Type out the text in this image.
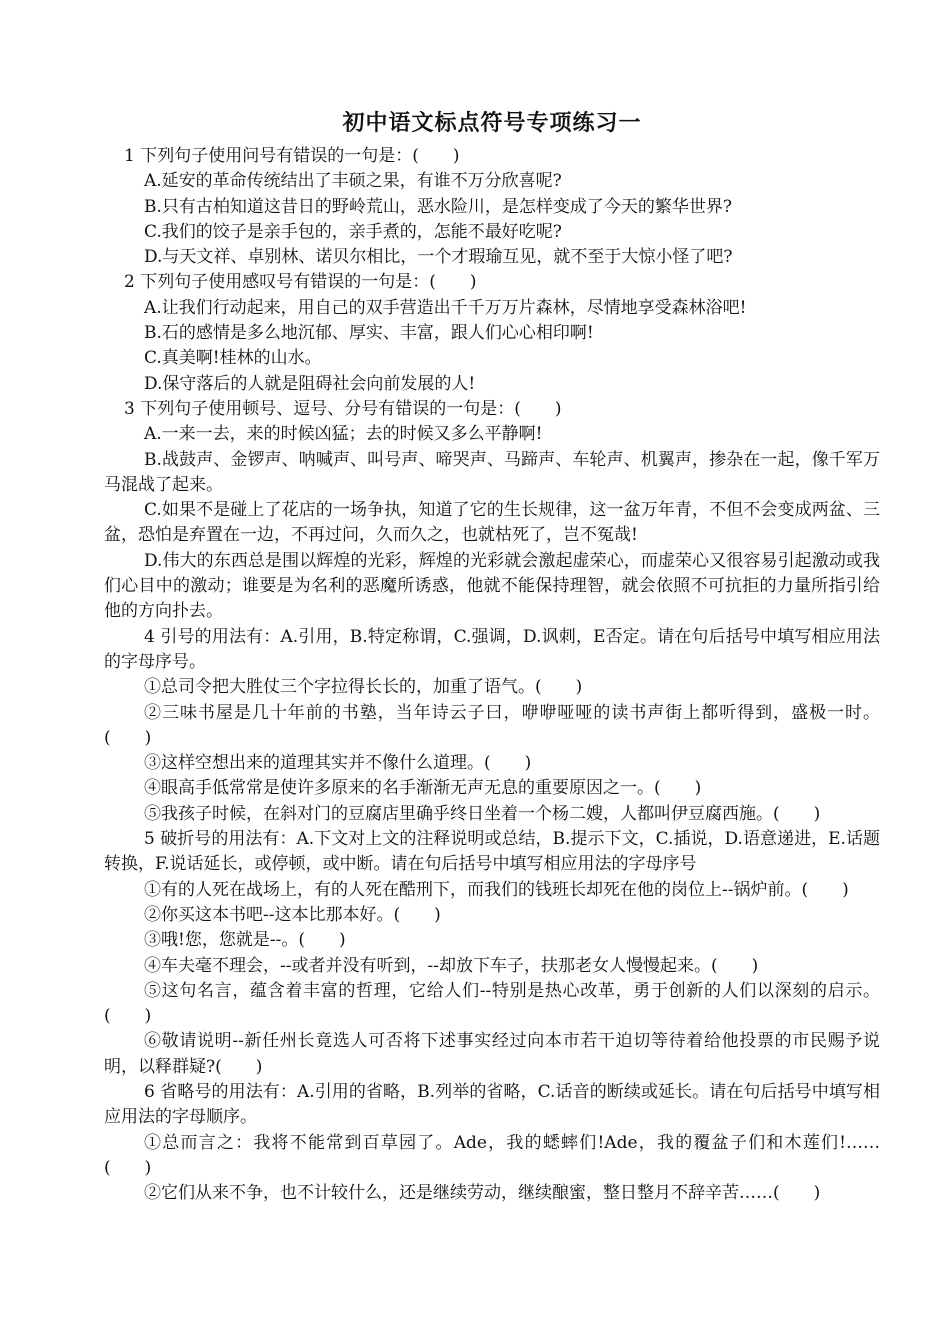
初中语文标点符号专项练习一

1 下列句子使用问号有错误的一句是：(　　)

A.延安的革命传统结出了丰硕之果，有谁不万分欣喜呢?

B.只有古柏知道这昔日的野岭荒山，恶水险川，是怎样变成了今天的繁华世界?

C.我们的饺子是亲手包的，亲手煮的，怎能不最好吃呢?

D.与天文祥、卓别林、诺贝尔相比，一个才瑕瑜互见，就不至于大惊小怪了吧?

2 下列句子使用感叹号有错误的一句是：(　　)

A.让我们行动起来，用自己的双手营造出千千万万片森林，尽情地享受森林浴吧!

B.石的感情是多么地沉郁、厚实、丰富，跟人们心心相印啊!

C.真美啊!桂林的山水。

D.保守落后的人就是阻碍社会向前发展的人!

3 下列句子使用顿号、逗号、分号有错误的一句是：(　　)

A.一来一去，来的时候凶猛；去的时候又多么平静啊!

B.战鼓声、金锣声、呐喊声、叫号声、啼哭声、马蹄声、车轮声、机翼声，掺杂在一起，像千军万马混战了起来。

C.如果不是碰上了花店的一场争执，知道了它的生长规律，这一盆万年青，不但不会变成两盆、三盆，恐怕是弃置在一边，不再过问，久而久之，也就枯死了，岂不冤哉!

D.伟大的东西总是围以辉煌的光彩，辉煌的光彩就会激起虚荣心，而虚荣心又很容易引起激动或我们心目中的激动；谁要是为名利的恶魔所诱惑，他就不能保持理智，就会依照不可抗拒的力量所指引给他的方向扑去。

4 引号的用法有：A.引用，B.特定称谓，C.强调，D.讽刺，E否定。请在句后括号中填写相应用法的字母序号。

①总司令把大胜仗三个字拉得长长的，加重了语气。(　　)

②三味书屋是几十年前的书塾，当年诗云子曰，咿咿哑哑的读书声街上都听得到，盛极一时。(　　)

③这样空想出来的道理其实并不像什么道理。(　　)

④眼高手低常常是使许多原来的名手渐渐无声无息的重要原因之一。(　　)

⑤我孩子时候，在斜对门的豆腐店里确乎终日坐着一个杨二嫂，人都叫伊豆腐西施。(　　)

5 破折号的用法有：A.下文对上文的注释说明或总结，B.提示下文，C.插说，D.语意递进，E.话题转换，F.说话延长，或停顿，或中断。请在句后括号中填写相应用法的字母序号

①有的人死在战场上，有的人死在酷刑下，而我们的钱班长却死在他的岗位上--锅炉前。(　　)

②你买这本书吧--这本比那本好。(　　)

③哦!您，您就是--。(　　)

④车夫毫不理会，--或者并没有听到，--却放下车子，扶那老女人慢慢起来。(　　)

⑤这句名言，蕴含着丰富的哲理，它给人们--特别是热心改革，勇于创新的人们以深刻的启示。(　　)

⑥敬请说明--新任州长竟选人可否将下述事实经过向本市若干迫切等待着给他投票的市民赐予说明，以释群疑?(　　)

6 省略号的用法有：A.引用的省略，B.列举的省略，C.话音的断续或延长。请在句后括号中填写相应用法的字母顺序。

①总而言之：我将不能常到百草园了。Ade，我的蟋蟀们!Ade，我的覆盆子们和木莲们!……(　　)

②它们从来不争，也不计较什么，还是继续劳动，继续酿蜜，整日整月不辞辛苦……(　　)
